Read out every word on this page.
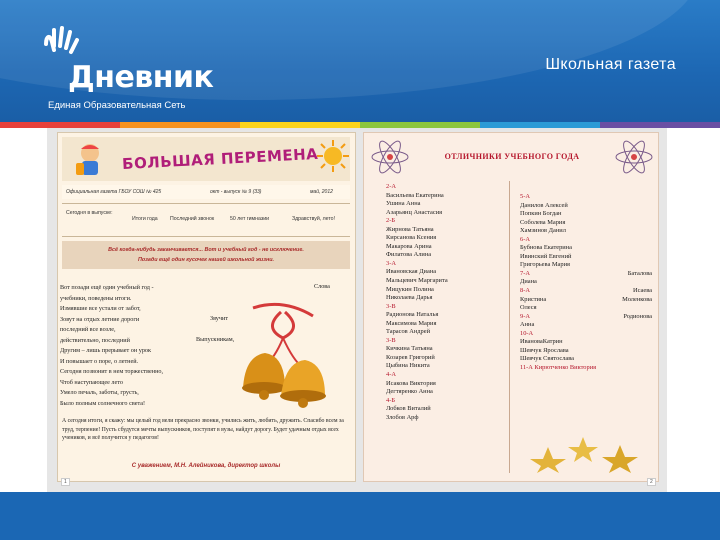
Дневник
Единая Образовательная Сеть
Школьная газета
БОЛЬШАЯ ПЕРЕМЕНА
Официальная газета ГБОУ СОШ № 425	окт - выпуск № 9 (33)	май, 2012
Сегодня в выпуске:
Итоги года Последний звонок	50 лет гимназии	Здравствуй, лето!
Всё когда-нибудь заканчивается... Вот и учебный год - не исключение.
Позади ещё один кусочек нашей школьной жизни.
Вот позади ещё один учебный год -
учебники, поведены итоги.
Измявшие все устали от забот,
Зовут на отдых летние дороги
последний все возле,
действительно, последний
Другим – лишь прерывает он урок
И повышает о поре, о летней.
Сегодня позвонит в нем торжественно,
Чтоб наступающее лето
Умело печаль, заботы, грусть,
Было полным солнечного света!
Слова
Звучит
Выпускникам,
А сегодня итоги, я скажу: мы целый год вели прекрасно звонки, учились жить, любить, дружить. Спасибо всем за труд, терпение! Пусть сбудутся мечты выпускников, поступят в вузы, найдут дорогу. Будет удачным отдых всех учеников, и всё получится у педагогов!
С уважением, М.Н. Алейникова, директор школы
ОТЛИЧНИКИ УЧЕБНОГО ГОДА
2-А
Васильева Екатерина
Ушина Анна
Азарьянц Анастасия
2-Б
Жирнова Татьяна
Кирсанова Ксения
Макарова Арина
Филатова Алина
3-А
Ивановская Диана
Мальцевич Маргарита
Мицукин Полина
Николаева Дарья
3-В
Радионова Наталья
Максимова Мария
Тарасов Андрей
3-В
Кичкина Татьяна
Козарев Григорий
Цыбина Никита
4-А
Исакова Виктория
Дегтяренко Анна
4-Б
Лобков Виталий
Злобов Арф
5-А
Данилов Алексей
Попкин Богдан
Соболева Мария
Хамзинов Данил
6-А
Бубнова Екатерина
Ивинский Евгений
Григорьева Мария
7-А	Баталова
Диана
8-А	Исаева
Кристина	Моленкова
Олеся
9-А	Родионова
Анна
10-А
ИвановаКатрин
Шевчук Ярослава
Шевчук Святослава
11-А Кирютченко Виктория
1	2
